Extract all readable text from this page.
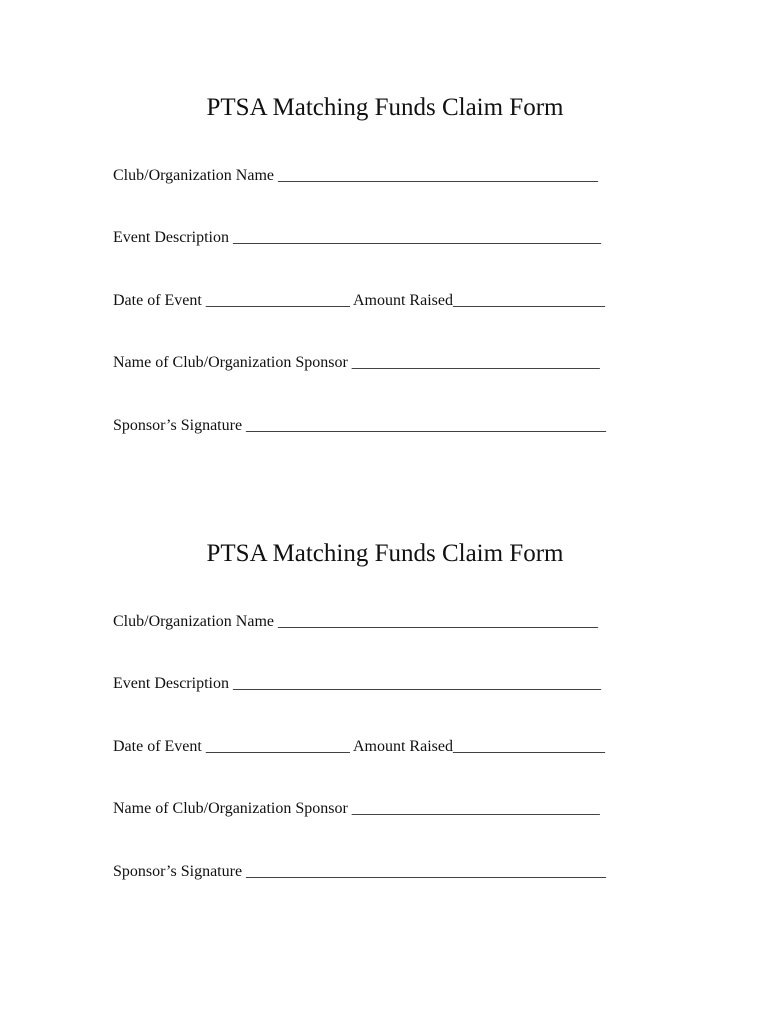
PTSA Matching Funds Claim Form
Club/Organization Name ________________________________________
Event Description ______________________________________________
Date of Event __________________ Amount Raised___________________
Name of Club/Organization Sponsor _______________________________
Sponsor’s Signature _____________________________________________
PTSA Matching Funds Claim Form
Club/Organization Name ________________________________________
Event Description ______________________________________________
Date of Event __________________ Amount Raised___________________
Name of Club/Organization Sponsor _______________________________
Sponsor’s Signature _____________________________________________
